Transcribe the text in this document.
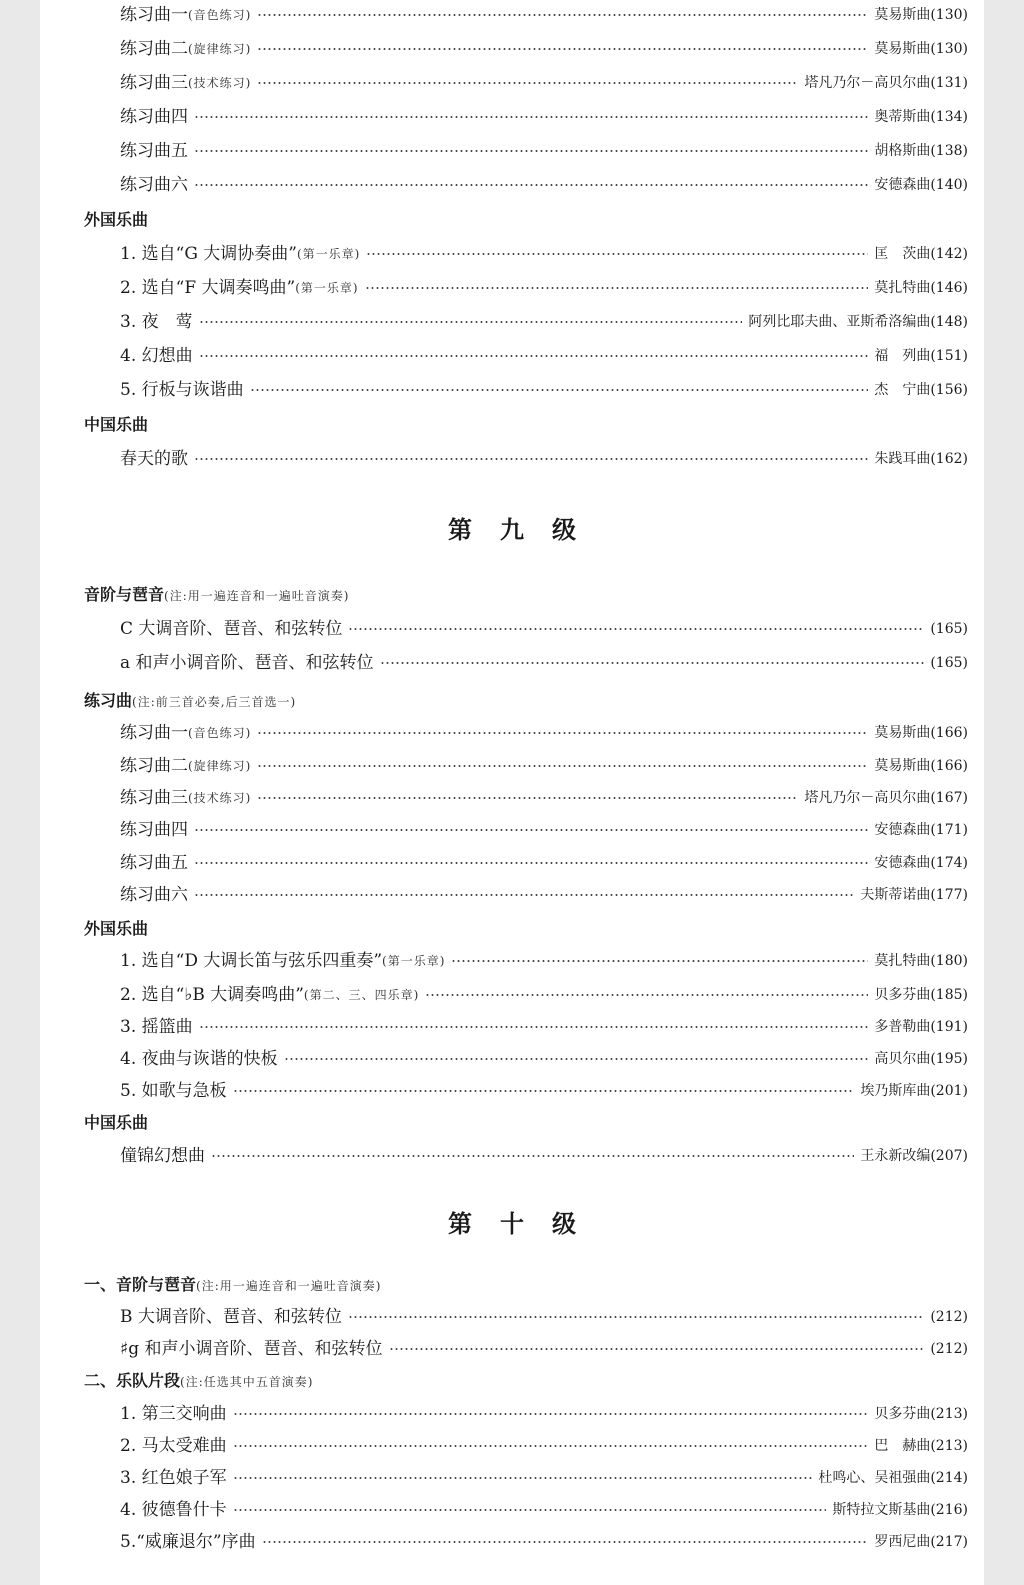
练习曲一 (音色练习)	莫易斯曲(130)
练习曲二 (旋律练习)	莫易斯曲(130)
练习曲三 (技术练习)	塔凡乃尔－高贝尔曲(131)
练习曲四	奥蒂斯曲(134)
练习曲五	胡格斯曲(138)
练习曲六	安德森曲(140)
外国乐曲
1. 选自“G 大调协奏曲” (第一乐章)	匡　茨曲(142)
2. 选自“F 大调奏鸣曲” (第一乐章)	莫扎特曲(146)
3. 夜　莺	阿列比耶夫曲、亚斯希洛编曲(148)
4. 幻想曲	福　列曲(151)
5. 行板与诙谐曲	杰　宁曲(156)
中国乐曲
春天的歌	朱践耳曲(162)
第九级
音阶与琶音(注:用一遍连音和一遍吐音演奏)
C 大调音阶、琶音、和弦转位	(165)
a 和声小调音阶、琶音、和弦转位	(165)
练习曲(注:前三首必奏,后三首选一)
练习曲一 (音色练习)	莫易斯曲(166)
练习曲二 (旋律练习)	莫易斯曲(166)
练习曲三 (技术练习)	塔凡乃尔－高贝尔曲(167)
练习曲四	安德森曲(171)
练习曲五	安德森曲(174)
练习曲六	夫斯蒂诺曲(177)
外国乐曲
1. 选自“D 大调长笛与弦乐四重奏” (第一乐章)	莫扎特曲(180)
2. 选自“♭B 大调奏鸣曲” (第二、三、四乐章)	贝多芬曲(185)
3. 摇篮曲	多普勒曲(191)
4. 夜曲与诙谐的快板	高贝尔曲(195)
5. 如歌与急板	埃乃斯库曲(201)
中国乐曲
僮锦幻想曲	王永新改编(207)
第十级
一、音阶与琶音(注:用一遍连音和一遍吐音演奏)
B 大调音阶、琶音、和弦转位	(212)
♯g 和声小调音阶、琶音、和弦转位	(212)
二、乐队片段(注:任选其中五首演奏)
1. 第三交响曲	贝多芬曲(213)
2. 马太受难曲	巴　赫曲(213)
3. 红色娘子军	杜鸣心、吴祖强曲(214)
4. 彼德鲁什卡	斯特拉文斯基曲(216)
5.“威廉退尔”序曲	罗西尼曲(217)
